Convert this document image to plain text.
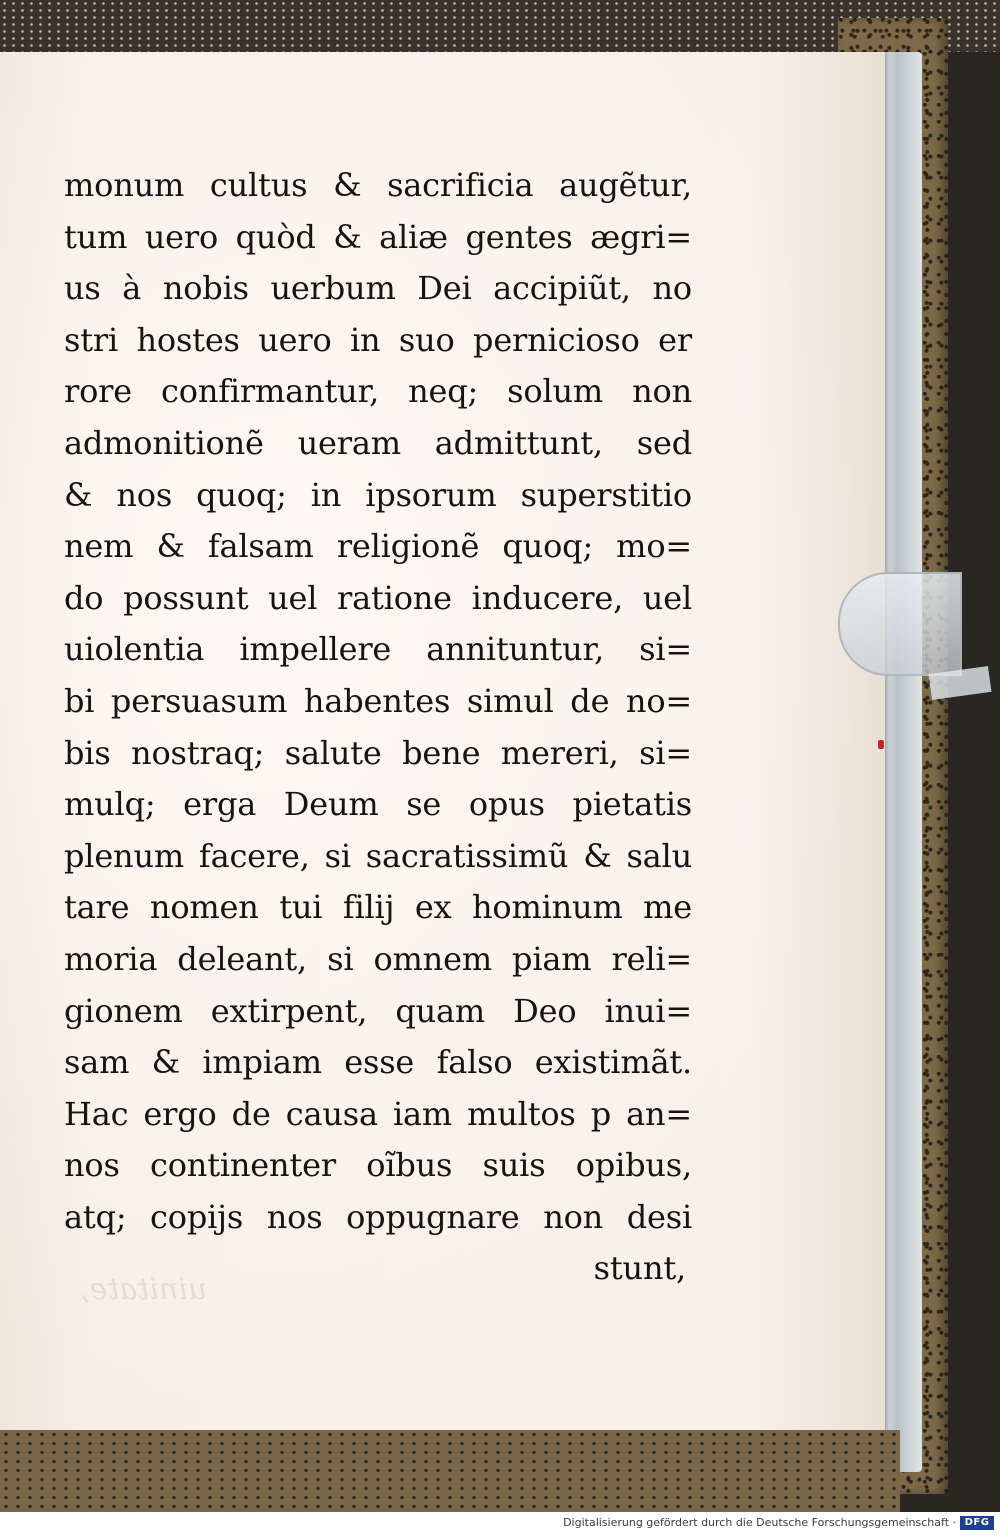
uinitate,
monum cultus & sacrificia augẽtur,
tum uero quòd & aliæ gentes ægri=
us à nobis uerbum Dei accipiũt, no
stri hostes uero in suo pernicioso er
rore confirmantur, neq; solum non
admonitionẽ ueram admittunt, sed
& nos quoq; in ipsorum superstitio
nem & falsam religionẽ quoq; mo=
do possunt uel ratione inducere, uel
uiolentia impellere annituntur, si=
bi persuasum habentes simul de no=
bis nostraq; salute bene mereri, si=
mulq; erga Deum se opus pietatis
plenum facere, si sacratissimũ & salu
tare nomen tui filij ex hominum me
moria deleant, si omnem piam reli=
gionem extirpent, quam Deo inui=
sam & impiam esse falso existimãt.
Hac ergo de causa iam multos p an=
nos continenter oĩbus suis opibus,
atq; copijs nos oppugnare non desi
stunt,
Digitalisierung gefördert durch die Deutsche Forschungsgemeinschaft · DFG
